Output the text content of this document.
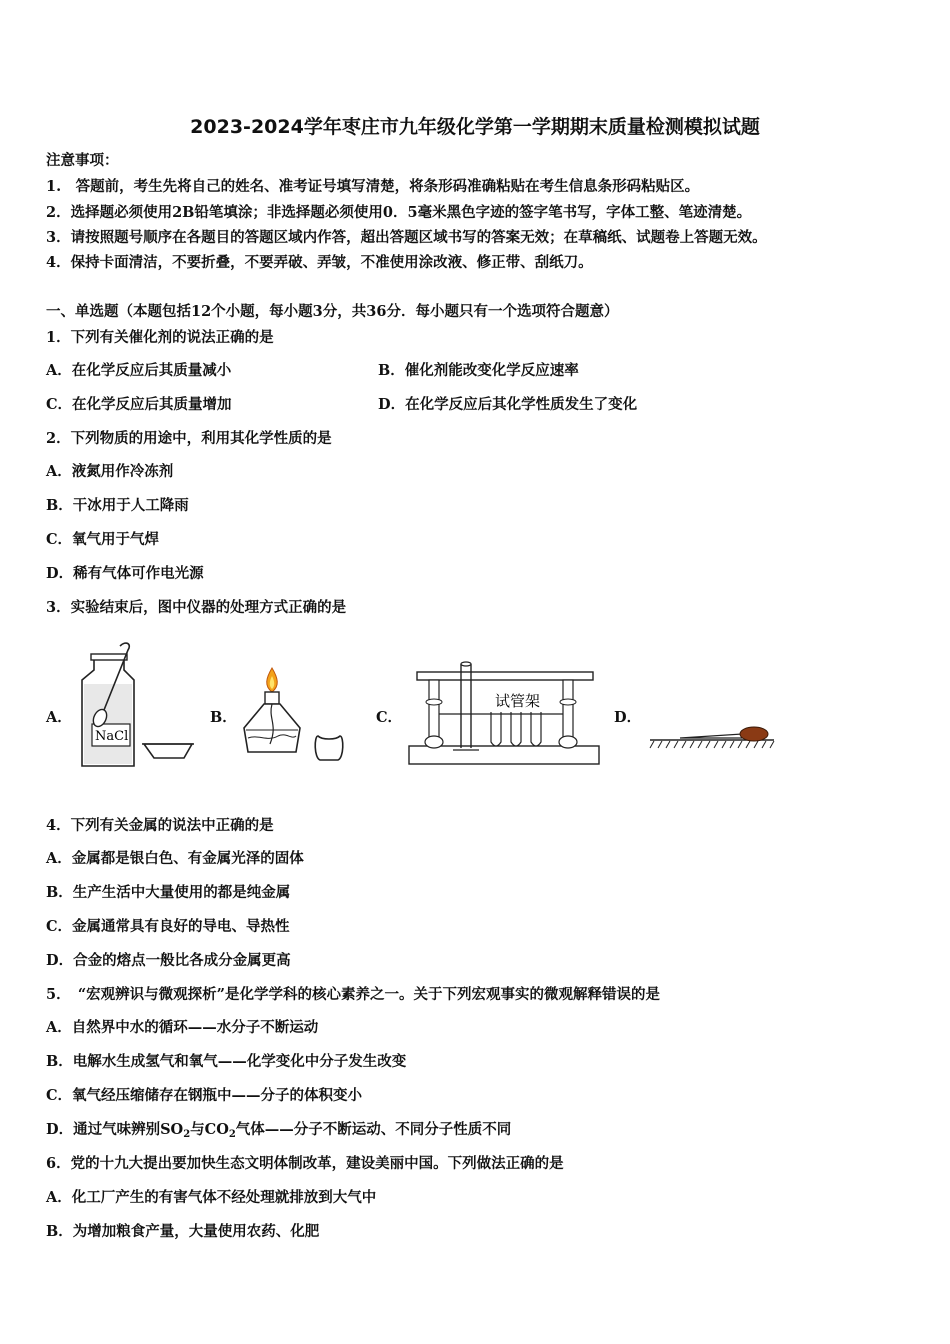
2023-2024学年枣庄市九年级化学第一学期期末质量检测模拟试题
注意事项：
1.　答题前，考生先将自己的姓名、准考证号填写清楚，将条形码准确粘贴在考生信息条形码粘贴区。
2．选择题必须使用2B铅笔填涂；非选择题必须使用0．5毫米黑色字迹的签字笔书写，字体工整、笔迹清楚。
3．请按照题号顺序在各题目的答题区域内作答，超出答题区域书写的答案无效；在草稿纸、试题卷上答题无效。
4．保持卡面清洁，不要折叠，不要弄破、弄皱，不准使用涂改液、修正带、刮纸刀。
一、单选题（本题包括12个小题，每小题3分，共36分．每小题只有一个选项符合题意）
1．下列有关催化剂的说法正确的是
A．在化学反应后其质量减小	B．催化剂能改变化学反应速率
C．在化学反应后其质量增加	D．在化学反应后其化学性质发生了变化
2．下列物质的用途中，利用其化学性质的是
A．液氮用作冷冻剂
B．干冰用于人工降雨
C．氧气用于气焊
D．稀有气体可作电光源
3．实验结束后，图中仪器的处理方式正确的是
A．
NaCl
B．	C．
试管架
D．
4．下列有关金属的说法中正确的是
A．金属都是银白色、有金属光泽的固体
B．生产生活中大量使用的都是纯金属
C．金属通常具有良好的导电、导热性
D．合金的熔点一般比各成分金属更高
5．　“宏观辨识与微观探析”是化学学科的核心素养之一。关于下列宏观事实的微观解释错误的是
A．自然界中水的循环——水分子不断运动
B．电解水生成氢气和氧气——化学变化中分子发生改变
C．氧气经压缩储存在钢瓶中——分子的体积变小
D．通过气味辨别$SO_2$与$CO_2$气体——分子不断运动、不同分子性质不同
6．党的十九大提出要加快生态文明体制改革，建设美丽中国。下列做法正确的是
A．化工厂产生的有害气体不经处理就排放到大气中
B．为增加粮食产量，大量使用农药、化肥
